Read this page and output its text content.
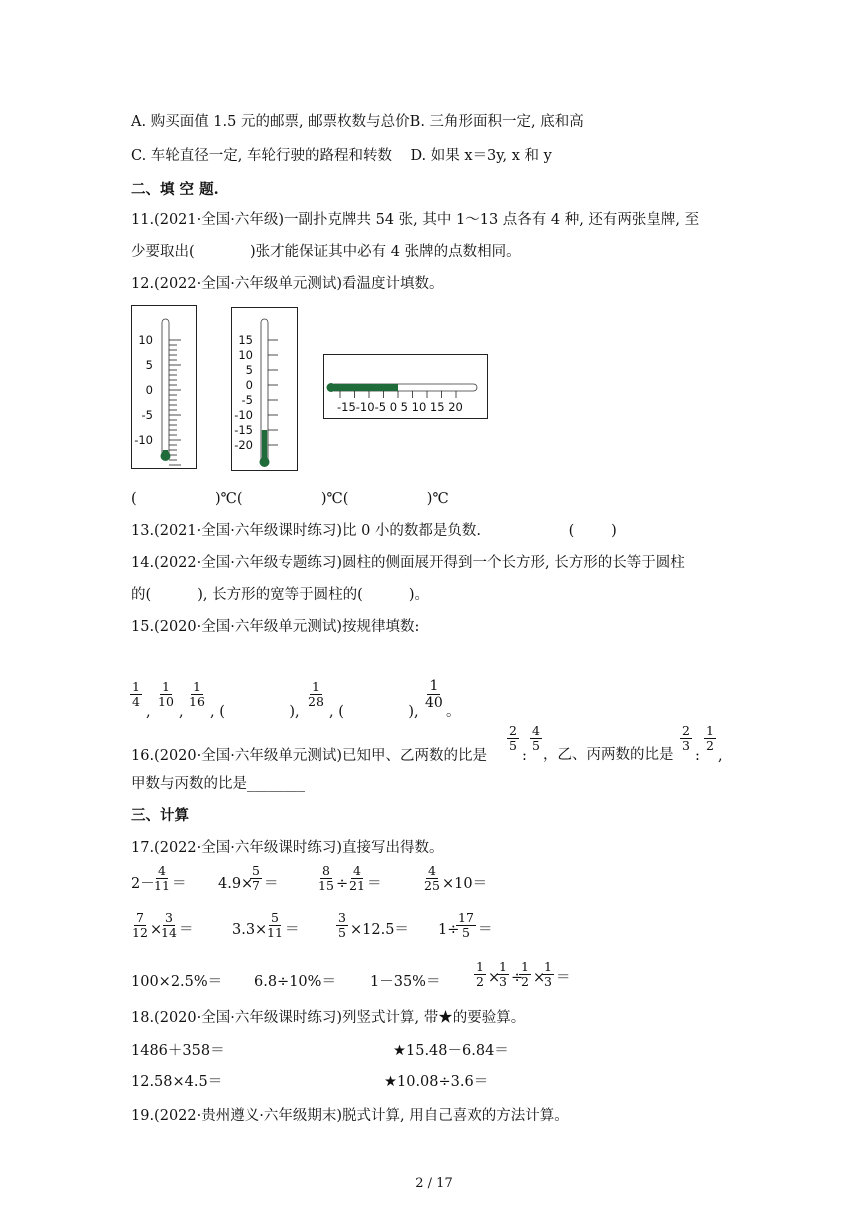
A. 购买面值 1.5 元的邮票, 邮票枚数与总价B. 三角形面积一定, 底和高
C. 车轮直径一定, 车轮行驶的路程和转数    D. 如果 x＝3y, x 和 y
二、填 空 题.
11.(2021·全国·六年级)一副扑克牌共 54 张, 其中 1～13 点各有 4 种, 还有两张皇牌, 至
少要取出(            )张才能保证其中必有 4 张牌的点数相同。
12.(2022·全国·六年级单元测试)看温度计填数。
10
5
0
-5
-10
15
10
5
0
-5
-10
-15
-20
-15-10-5 0 5 10 15 20
(                 )℃(                 )℃(                 )℃
13.(2021·全国·六年级课时练习)比 0 小的数都是负数.                   (        )
14.(2022·全国·六年级专题练习)圆柱的侧面展开得到一个长方形, 长方形的长等于圆柱
的(          ), 长方形的宽等于圆柱的(          )。
15.(2020·全国·六年级单元测试)按规律填数:
$\frac{1}{4}$
,
$\frac{1}{10}$
,
$\frac{1}{16}$
, (              ),
$\frac{1}{28}$
, (              ),
$\frac{1}{40}$
。
16.(2020·全国·六年级单元测试)已知甲、乙两数的比是
$\frac{2}{5}$
:
$\frac{4}{5}$
，乙、丙两数的比是
$\frac{2}{3}$
:
$\frac{1}{2}$
,
甲数与丙数的比是________
三、计算
17.(2022·全国·六年级课时练习)直接写出得数。
2－
$\frac{4}{11} = 4.9\times$
$\frac{5}{7}$ ＝	$\frac{8}{15}$ ÷
$\frac{4}{21}$ ＝	$\frac{4}{25} \times 10=$
$\frac{7}{12}$ ×
$\frac{3}{14}$ ＝	3.3×
$\frac{5}{11}$ ＝	$\frac{3}{5} \times 12.5= 1\div$
$\frac{17}{5}$ ＝
100×2.5%＝ 6.8÷10%＝ 1－35%＝	$\frac{1}{2}$ ×
$\frac{1}{3}$ ÷
$\frac{1}{2}$ ×
$\frac{1}{3}$ ＝
18.(2020·全国·六年级课时练习)列竖式计算, 带★的要验算。
1486＋358＝	★15.48－6.84＝
12.58×4.5＝	★10.08÷3.6＝
19.(2022·贵州遵义·六年级期末)脱式计算, 用自己喜欢的方法计算。
2 / 17
